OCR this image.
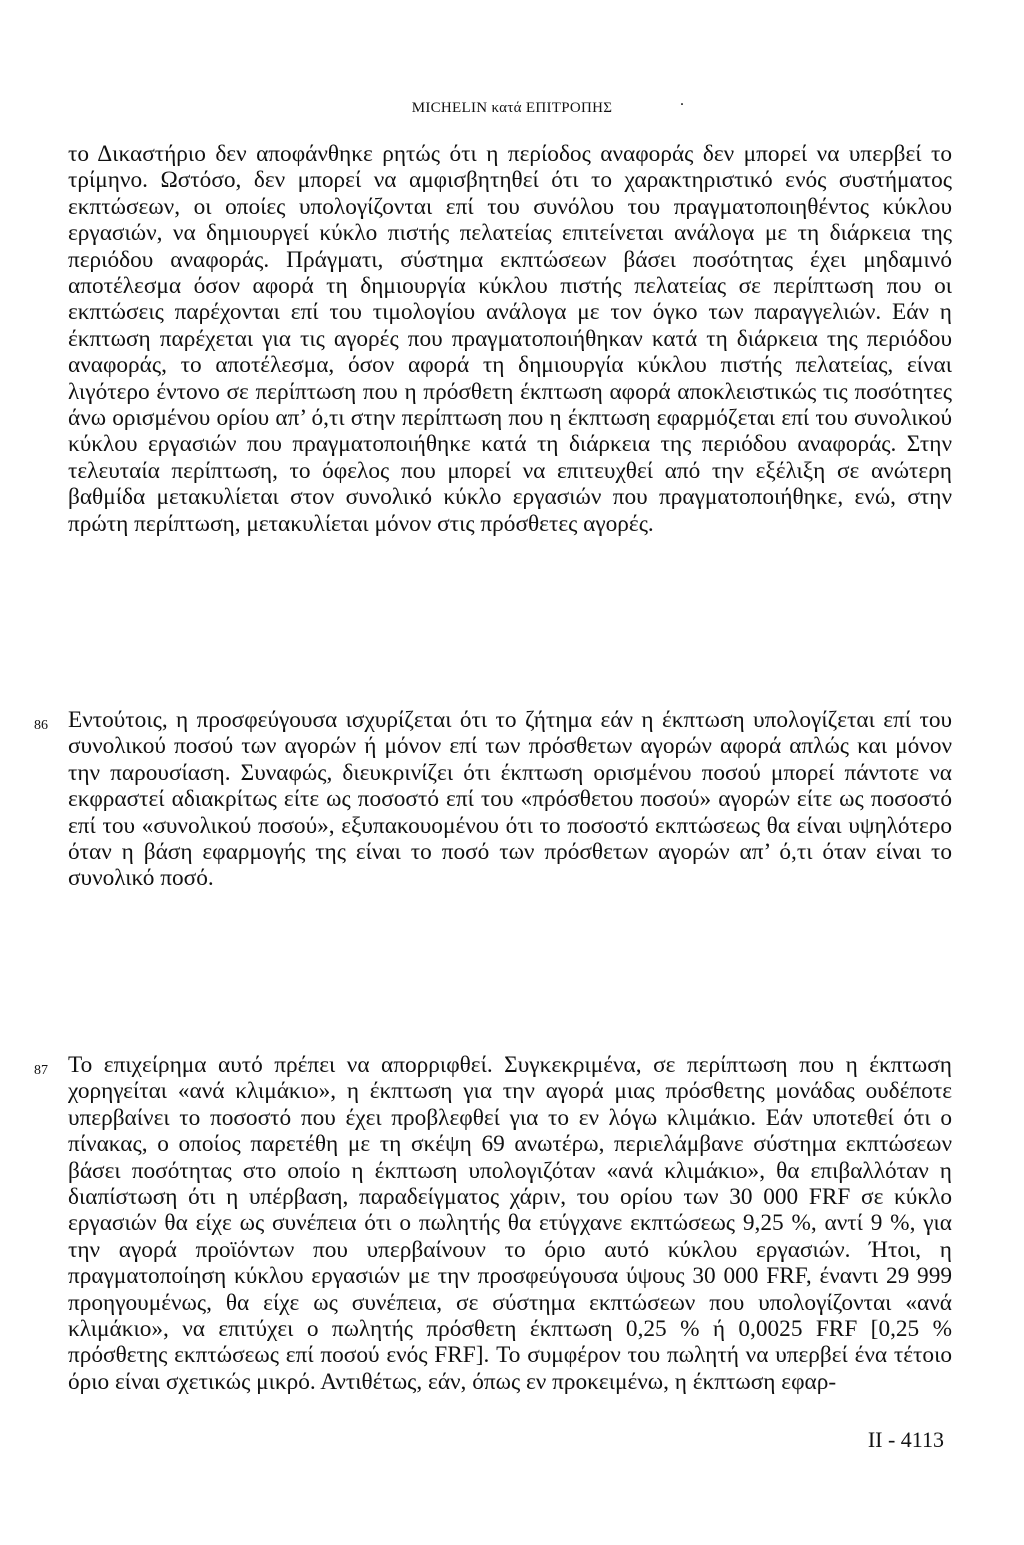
MICHELIN κατά ΕΠΙΤΡΟΠΗΣ	.
το Δικαστήριο δεν αποφάνθηκε ρητώς ότι η περίοδος αναφοράς δεν μπορεί να υπερβεί το τρίμηνο. Ωστόσο, δεν μπορεί να αμφισβητηθεί ότι το χαρακτηριστικό ενός συστήματος εκπτώσεων, οι οποίες υπολογίζονται επί του συνόλου του πραγματοποιηθέντος κύκλου εργασιών, να δημιουργεί κύκλο πιστής πελατείας επιτείνεται ανάλογα με τη διάρκεια της περιόδου αναφοράς. Πράγματι, σύστημα εκπτώσεων βάσει ποσότητας έχει μηδαμινό αποτέλεσμα όσον αφορά τη δημιουργία κύκλου πιστής πελατείας σε περίπτωση που οι εκπτώσεις παρέχονται επί του τιμολογίου ανάλογα με τον όγκο των παραγγελιών. Εάν η έκπτωση παρέχεται για τις αγορές που πραγματοποιήθηκαν κατά τη διάρκεια της περιόδου αναφοράς, το αποτέλεσμα, όσον αφορά τη δημιουργία κύκλου πιστής πελατείας, είναι λιγότερο έντονο σε περίπτωση που η πρόσθετη έκπτωση αφορά αποκλειστικώς τις ποσότητες άνω ορισμένου ορίου απ’ ό,τι στην περίπτωση που η έκπτωση εφαρμόζεται επί του συνολικού κύκλου εργασιών που πραγματοποιήθηκε κατά τη διάρκεια της περιόδου αναφοράς. Στην τελευταία περίπτωση, το όφελος που μπορεί να επιτευχθεί από την εξέλιξη σε ανώτερη βαθμίδα μετακυλίεται στον συνολικό κύκλο εργασιών που πραγματοποιήθηκε, ενώ, στην πρώτη περίπτωση, μετακυλίεται μόνον στις πρόσθετες αγορές.
86 Εντούτοις, η προσφεύγουσα ισχυρίζεται ότι το ζήτημα εάν η έκπτωση υπολογίζεται επί του συνολικού ποσού των αγορών ή μόνον επί των πρόσθετων αγορών αφορά απλώς και μόνον την παρουσίαση. Συναφώς, διευκρινίζει ότι έκπτωση ορισμένου ποσού μπορεί πάντοτε να εκφραστεί αδιακρίτως είτε ως ποσοστό επί του «πρόσθετου ποσού» αγορών είτε ως ποσοστό επί του «συνολικού ποσού», εξυπακουομένου ότι το ποσοστό εκπτώσεως θα είναι υψηλότερο όταν η βάση εφαρμογής της είναι το ποσό των πρόσθετων αγορών απ’ ό,τι όταν είναι το συνολικό ποσό.
87 Το επιχείρημα αυτό πρέπει να απορριφθεί. Συγκεκριμένα, σε περίπτωση που η έκπτωση χορηγείται «ανά κλιμάκιο», η έκπτωση για την αγορά μιας πρόσθετης μονάδας ουδέποτε υπερβαίνει το ποσοστό που έχει προβλεφθεί για το εν λόγω κλιμάκιο. Εάν υποτεθεί ότι ο πίνακας, ο οποίος παρετέθη με τη σκέψη 69 ανωτέρω, περιελάμβανε σύστημα εκπτώσεων βάσει ποσότητας στο οποίο η έκπτωση υπολογιζόταν «ανά κλιμάκιο», θα επιβαλλόταν η διαπίστωση ότι η υπέρβαση, παραδείγματος χάριν, του ορίου των 30 000 FRF σε κύκλο εργασιών θα είχε ως συνέπεια ότι ο πωλητής θα ετύγχανε εκπτώσεως 9,25 %, αντί 9 %, για την αγορά προϊόντων που υπερβαίνουν το όριο αυτό κύκλου εργασιών. Ήτοι, η πραγματοποίηση κύκλου εργασιών με την προσφεύγουσα ύψους 30 000 FRF, έναντι 29 999 προηγουμένως, θα είχε ως συνέπεια, σε σύστημα εκπτώσεων που υπολογίζονται «ανά κλιμάκιο», να επιτύχει ο πωλητής πρόσθετη έκπτωση 0,25 % ή 0,0025 FRF [0,25 % πρόσθετης εκπτώσεως επί ποσού ενός FRF]. Το συμφέρον του πωλητή να υπερβεί ένα τέτοιο όριο είναι σχετικώς μικρό. Αντιθέτως, εάν, όπως εν προκειμένω, η έκπτωση εφαρ-
II - 4113
